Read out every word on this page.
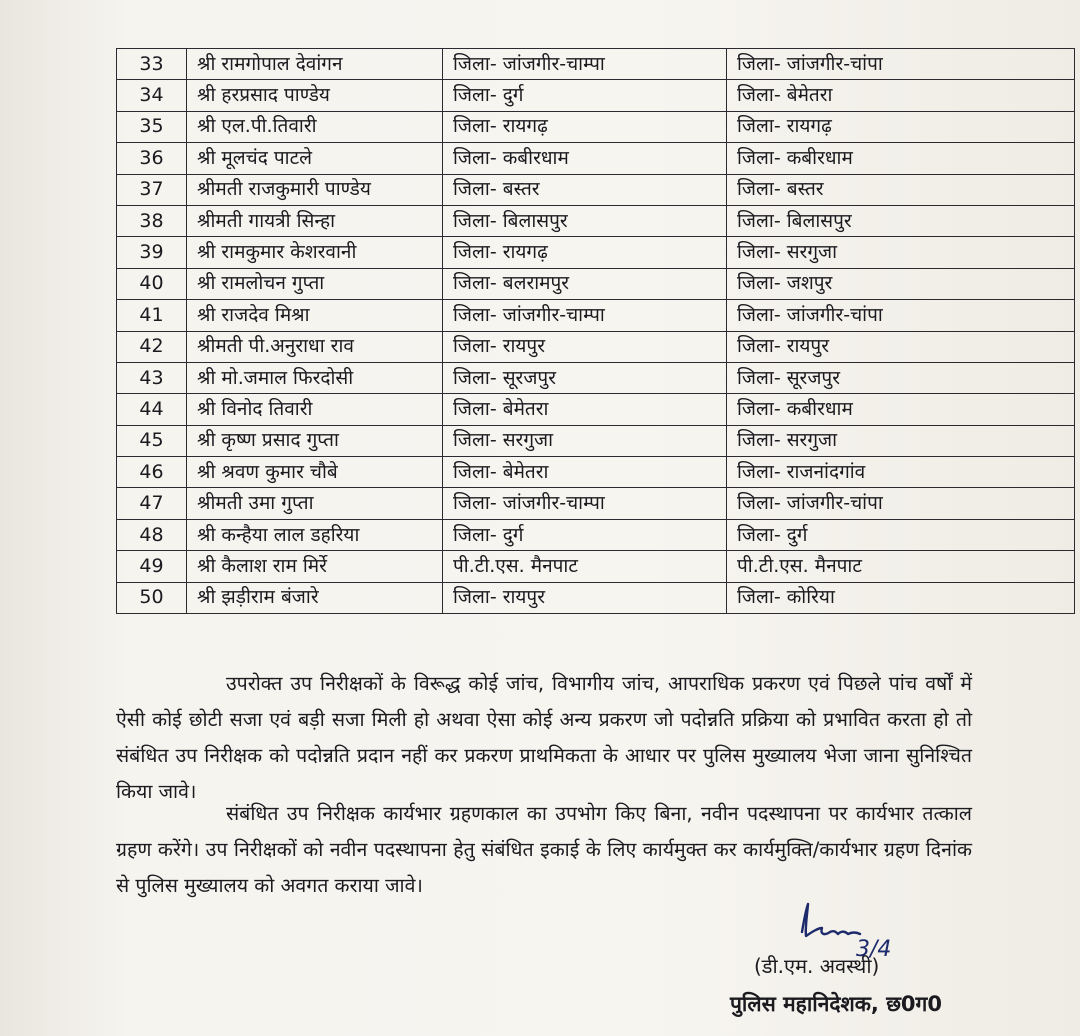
33	श्री रामगोपाल देवांगन	जिला- जांजगीर-चाम्पा	जिला- जांजगीर-चांपा
34	श्री हरप्रसाद पाण्डेय	जिला- दुर्ग	जिला- बेमेतरा
35	श्री एल.पी.तिवारी	जिला- रायगढ़	जिला- रायगढ़
36	श्री मूलचंद पाटले	जिला- कबीरधाम	जिला- कबीरधाम
37	श्रीमती राजकुमारी पाण्डेय	जिला- बस्तर	जिला- बस्तर
38	श्रीमती गायत्री सिन्हा	जिला- बिलासपुर	जिला- बिलासपुर
39	श्री रामकुमार केशरवानी	जिला- रायगढ़	जिला- सरगुजा
40	श्री रामलोचन गुप्ता	जिला- बलरामपुर	जिला- जशपुर
41	श्री राजदेव मिश्रा	जिला- जांजगीर-चाम्पा	जिला- जांजगीर-चांपा
42	श्रीमती पी.अनुराधा राव	जिला- रायपुर	जिला- रायपुर
43	श्री मो.जमाल फिरदोसी	जिला- सूरजपुर	जिला- सूरजपुर
44	श्री विनोद तिवारी	जिला- बेमेतरा	जिला- कबीरधाम
45	श्री कृष्ण प्रसाद गुप्ता	जिला- सरगुजा	जिला- सरगुजा
46	श्री श्रवण कुमार चौबे	जिला- बेमेतरा	जिला- राजनांदगांव
47	श्रीमती उमा गुप्ता	जिला- जांजगीर-चाम्पा	जिला- जांजगीर-चांपा
48	श्री कन्हैया लाल डहरिया	जिला- दुर्ग	जिला- दुर्ग
49	श्री कैलाश राम मिर्रे	पी.टी.एस. मैनपाट	पी.टी.एस. मैनपाट
50	श्री झड़ीराम बंजारे	जिला- रायपुर	जिला- कोरिया

उपरोक्त उप निरीक्षकों के विरूद्ध कोई जांच, विभागीय जांच, आपराधिक प्रकरण एवं पिछले पांच वर्षों में ऐसी कोई छोटी सजा एवं बड़ी सजा मिली हो अथवा ऐसा कोई अन्य प्रकरण जो पदोन्नति प्रक्रिया को प्रभावित करता हो तो संबंधित उप निरीक्षक को पदोन्नति प्रदान नहीं कर प्रकरण प्राथमिकता के आधार पर पुलिस मुख्यालय भेजा जाना सुनिश्चित किया जावे।

संबंधित उप निरीक्षक कार्यभार ग्रहणकाल का उपभोग किए बिना, नवीन पदस्थापना पर कार्यभार तत्काल ग्रहण करेंगे। उप निरीक्षकों को नवीन पदस्थापना हेतु संबंधित इकाई के लिए कार्यमुक्त कर कार्यमुक्ति/कार्यभार ग्रहण दिनांक से पुलिस मुख्यालय को अवगत कराया जावे।

3/4
(डी.एम. अवस्थी)
पुलिस महानिदेशक, छ0ग0
